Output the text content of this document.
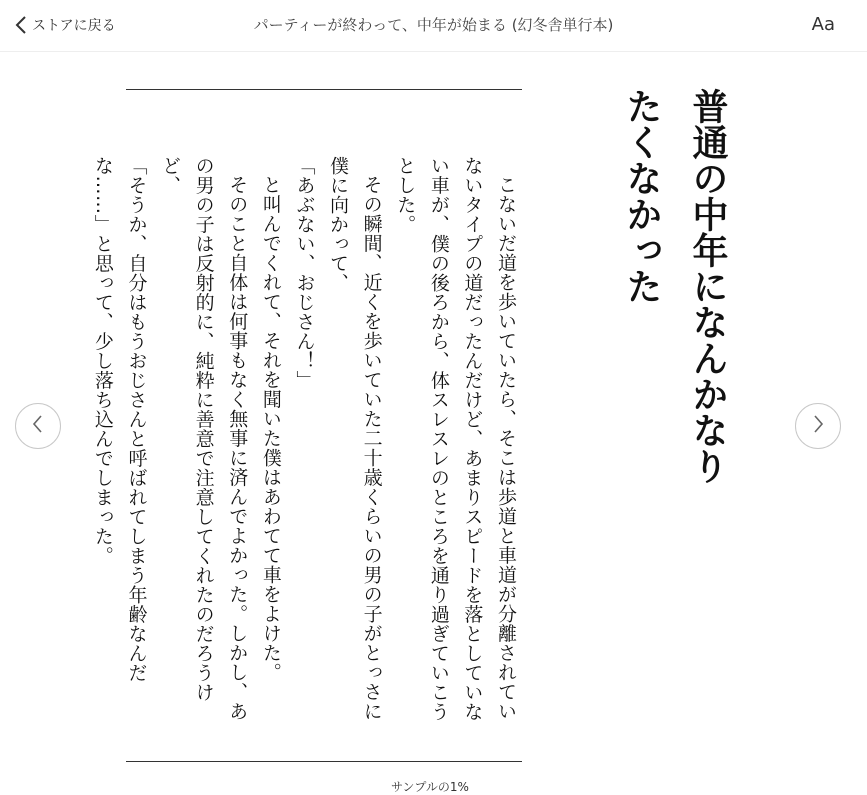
ストアに戻る	パーティーが終わって、中年が始まる (幻冬舎単行本)	Aa
普通の中年になんかなりたくなかった

こないだ道を歩いていたら、そこは歩道と車道が分離されていないタイプの道だったんだけど、あまりスピードを落としていない車が、僕の後ろから、体スレスレのところを通り過ぎていこうとした。

その瞬間、近くを歩いていた二十歳くらいの男の子がとっさに僕に向かって、

「あぶない、おじさん！」

と叫んでくれて、それを聞いた僕はあわてて車をよけた。

そのこと自体は何事もなく無事に済んでよかった。しかし、あの男の子は反射的に、純粋に善意で注意してくれたのだろうけど、

「そうか、自分はもうおじさんと呼ばれてしまう年齢なんだな……」と思って、少し落ち込んでしまった。

サンプルの1%
